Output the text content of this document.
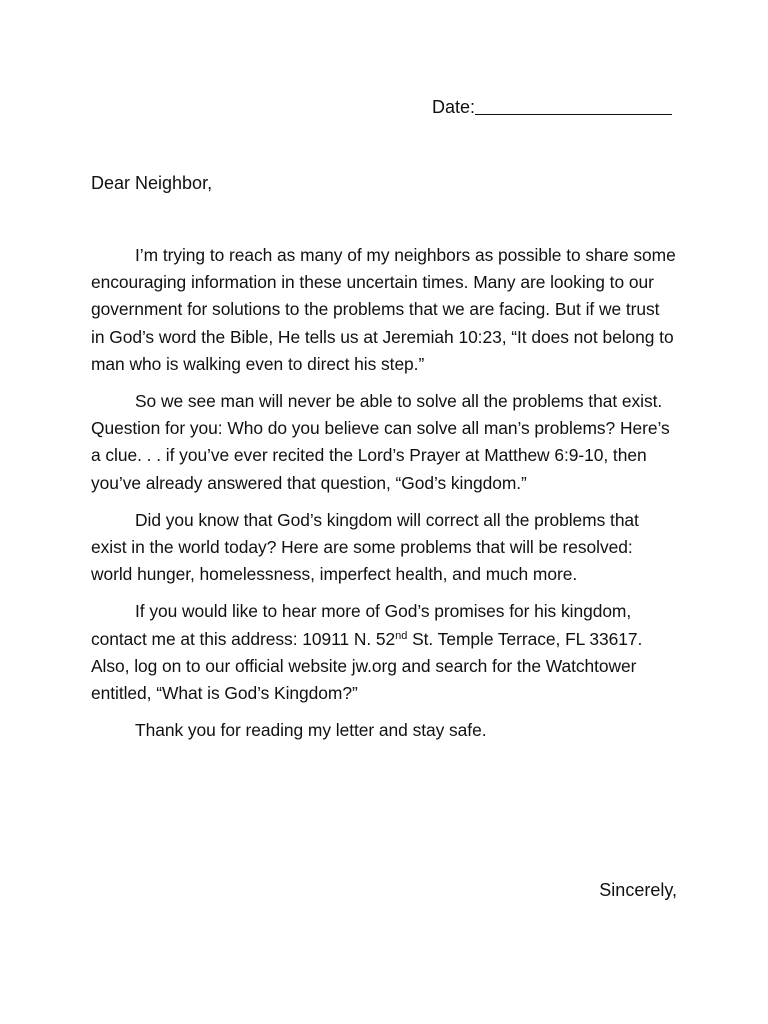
Date:
Dear Neighbor,

I’m trying to reach as many of my neighbors as possible to share some encouraging information in these uncertain times. Many are looking to our government for solutions to the problems that we are facing. But if we trust in God’s word the Bible, He tells us at Jeremiah 10:23, “It does not belong to man who is walking even to direct his step.”

So we see man will never be able to solve all the problems that exist. Question for you: Who do you believe can solve all man’s problems? Here’s a clue. . . if you’ve ever recited the Lord’s Prayer at Matthew 6:9-10, then you’ve already answered that question, “God’s kingdom.”

Did you know that God’s kingdom will correct all the problems that exist in the world today? Here are some problems that will be resolved: world hunger, homelessness, imperfect health, and much more.

If you would like to hear more of God’s promises for his kingdom, contact me at this address: 10911 N. 52nd St. Temple Terrace, FL 33617. Also, log on to our official website jw.org and search for the Watchtower entitled, “What is God’s Kingdom?”

Thank you for reading my letter and stay safe.

Sincerely,
